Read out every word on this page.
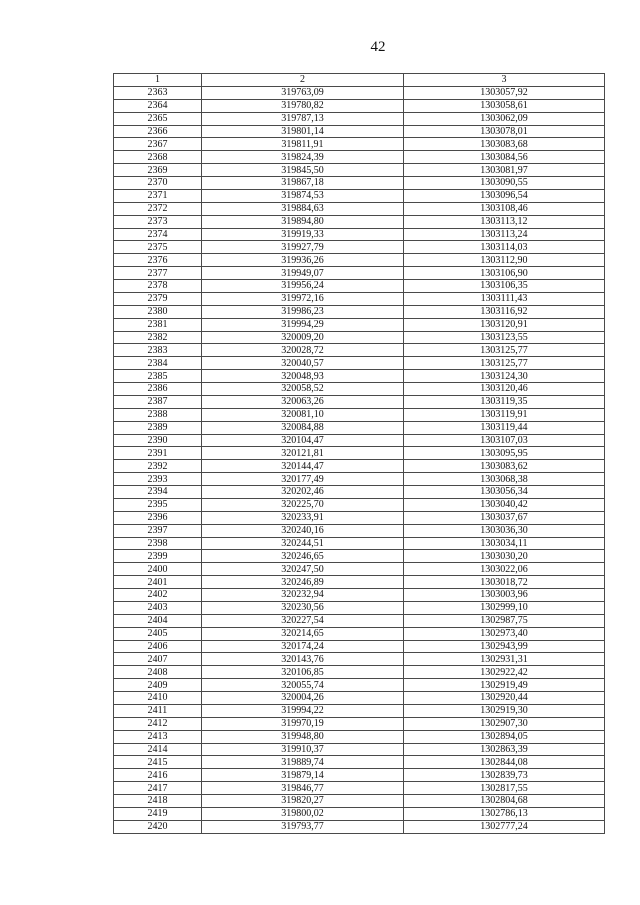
42
1	2	3
2363	319763,09	1303057,92
2364	319780,82	1303058,61
2365	319787,13	1303062,09
2366	319801,14	1303078,01
2367	319811,91	1303083,68
2368	319824,39	1303084,56
2369	319845,50	1303081,97
2370	319867,18	1303090,55
2371	319874,53	1303096,54
2372	319884,63	1303108,46
2373	319894,80	1303113,12
2374	319919,33	1303113,24
2375	319927,79	1303114,03
2376	319936,26	1303112,90
2377	319949,07	1303106,90
2378	319956,24	1303106,35
2379	319972,16	1303111,43
2380	319986,23	1303116,92
2381	319994,29	1303120,91
2382	320009,20	1303123,55
2383	320028,72	1303125,77
2384	320040,57	1303125,77
2385	320048,93	1303124,30
2386	320058,52	1303120,46
2387	320063,26	1303119,35
2388	320081,10	1303119,91
2389	320084,88	1303119,44
2390	320104,47	1303107,03
2391	320121,81	1303095,95
2392	320144,47	1303083,62
2393	320177,49	1303068,38
2394	320202,46	1303056,34
2395	320225,70	1303040,42
2396	320233,91	1303037,67
2397	320240,16	1303036,30
2398	320244,51	1303034,11
2399	320246,65	1303030,20
2400	320247,50	1303022,06
2401	320246,89	1303018,72
2402	320232,94	1303003,96
2403	320230,56	1302999,10
2404	320227,54	1302987,75
2405	320214,65	1302973,40
2406	320174,24	1302943,99
2407	320143,76	1302931,31
2408	320106,85	1302922,42
2409	320055,74	1302919,49
2410	320004,26	1302920,44
2411	319994,22	1302919,30
2412	319970,19	1302907,30
2413	319948,80	1302894,05
2414	319910,37	1302863,39
2415	319889,74	1302844,08
2416	319879,14	1302839,73
2417	319846,77	1302817,55
2418	319820,27	1302804,68
2419	319800,02	1302786,13
2420	319793,77	1302777,24
